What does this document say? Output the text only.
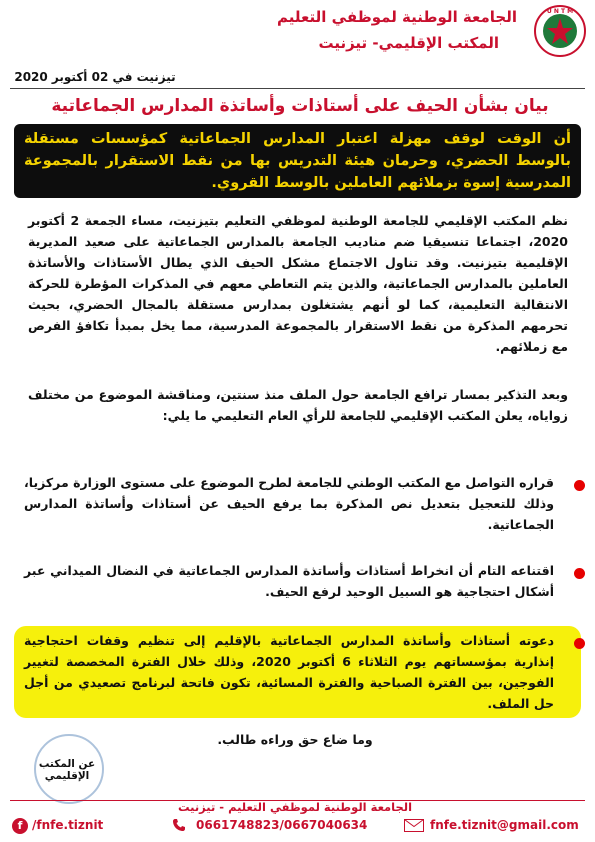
U N T M
الجامعة الوطنية لموظفي التعليم
المكتب الإقليمي- تيزنيت
تيزنيت في 02 أكتوبر 2020
بيان بشأن الحيف على أستاذات وأساتذة المدارس الجماعاتية
أن الوقت لوقف مهزلة اعتبار المدارس الجماعاتية كمؤسسات مستقلة بالوسط الحضري، وحرمان هيئة التدريس بها من نقط الاستقرار بالمجموعة المدرسية إسوة بزملائهم العاملين بالوسط القروي.
نظم المكتب الإقليمي للجامعة الوطنية لموظفي التعليم بتيزنيت، مساء الجمعة 2 أكتوبر 2020، اجتماعا تنسيقيا ضم مناديب الجامعة بالمدارس الجماعاتية على صعيد المديرية الإقليمية بتيزنيت. وقد تناول الاجتماع مشكل الحيف الذي يطال الأستاذات والأساتذة العاملين بالمدارس الجماعاتية، والذين يتم التعاطي معهم في المذكرات المؤطرة للحركة الانتقالية التعليمية، كما لو أنهم يشتغلون بمدارس مستقلة بالمجال الحضري، بحيث تحرمهم المذكرة من نقط الاستقرار بالمجموعة المدرسية، مما يخل بمبدأ تكافؤ الفرص مع زملائهم.
وبعد التذكير بمسار ترافع الجامعة حول الملف منذ سنتين، ومناقشة الموضوع من مختلف زواياه، يعلن المكتب الإقليمي للجامعة للرأي العام التعليمي ما يلي:
قراره التواصل مع المكتب الوطني للجامعة لطرح الموضوع على مستوى الوزارة مركزيا، وذلك للتعجيل بتعديل نص المذكرة بما يرفع الحيف عن أستاذات وأساتذة المدارس الجماعاتية.
اقتناعه التام أن انخراط أستاذات وأساتذة المدارس الجماعاتية في النضال الميداني عبر أشكال احتجاجية هو السبيل الوحيد لرفع الحيف.
دعوته أستاذات وأساتذة المدارس الجماعاتية بالإقليم إلى تنظيم وقفات احتجاجية إنذارية بمؤسساتهم يوم الثلاثاء 6 أكتوبر 2020، وذلك خلال الفترة المخصصة لتغيير الفوجين، بين الفترة الصباحية والفترة المسائية، تكون فاتحة لبرنامج تصعيدي من أجل حل الملف.
وما ضاع حق وراءه طالب.
عن المكتب الإقليمي
الجامعة الوطنية لموظفي التعليم - تيزنيت
f /fnfe.tiznit	0661748823/0667040634	fnfe.tiznit@gmail.com
